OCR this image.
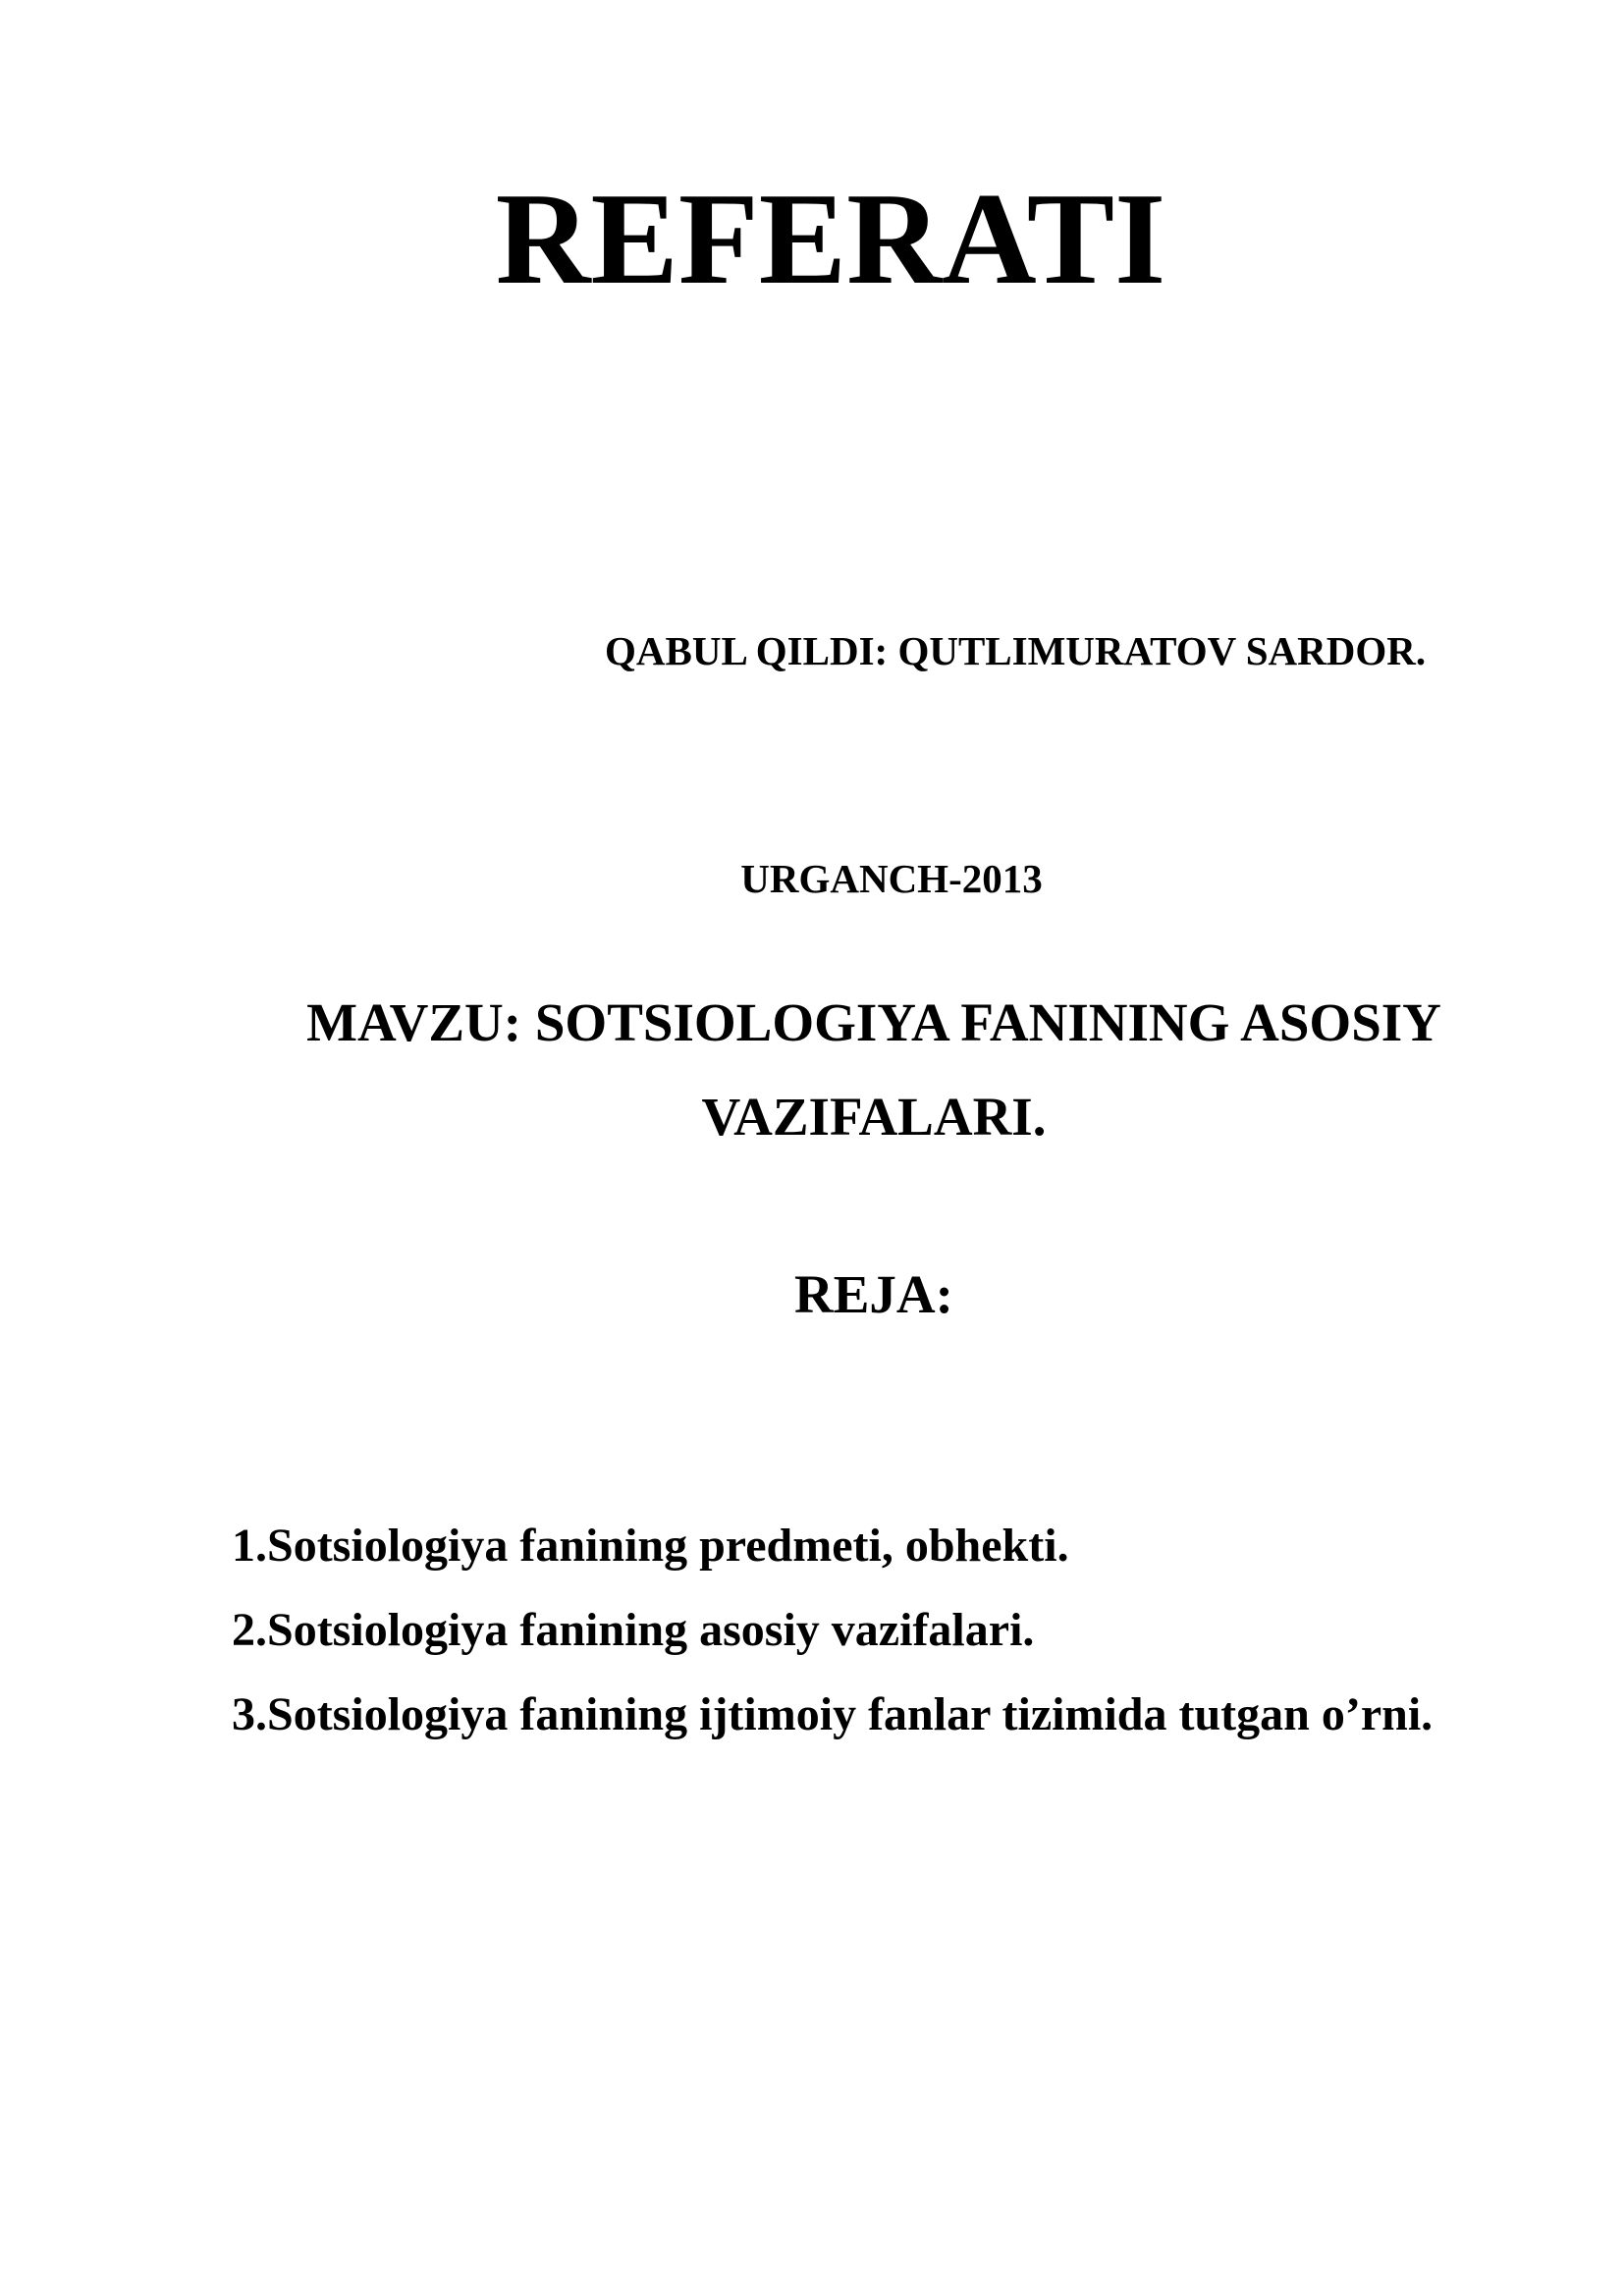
REFERATI
QABUL QILDI: QUTLIMURATOV SARDOR.
URGANCH-2013
MAVZU: SOTSIOLOGIYA FANINING ASOSIY
VAZIFALARI.
REJA:
1.Sotsiologiya fanining predmeti, obhekti.
2.Sotsiologiya fanining asosiy vazifalari.
3.Sotsiologiya fanining ijtimoiy fanlar tizimida tutgan o’rni.
